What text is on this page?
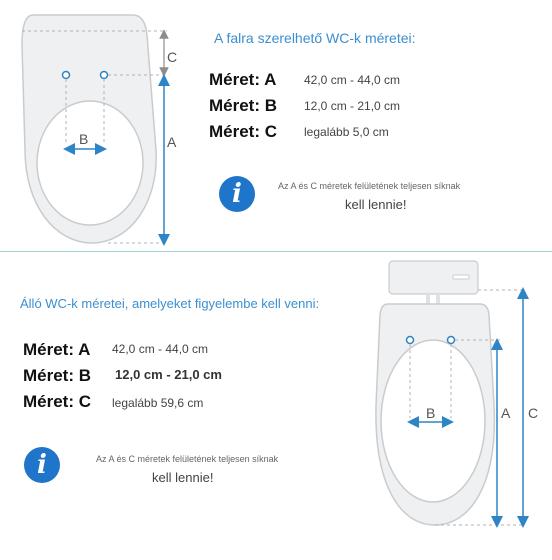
B
C
A
A falra szerelhető WC-k méretei:
Méret: A 42,0 cm - 44,0 cm
Méret: B 12,0 cm - 21,0 cm
Méret: C legalább 5,0 cm
i	Az A és C méretek felületének teljesen síknak
kell lennie!
Álló WC-k méretei, amelyeket figyelembe kell venni:
Méret: A 42,0 cm - 44,0 cm
Méret: B 12,0 cm - 21,0 cm
Méret: C legalább 59,6 cm
i	Az A és C méretek felületének teljesen síknak
kell lennie!
B	A C
